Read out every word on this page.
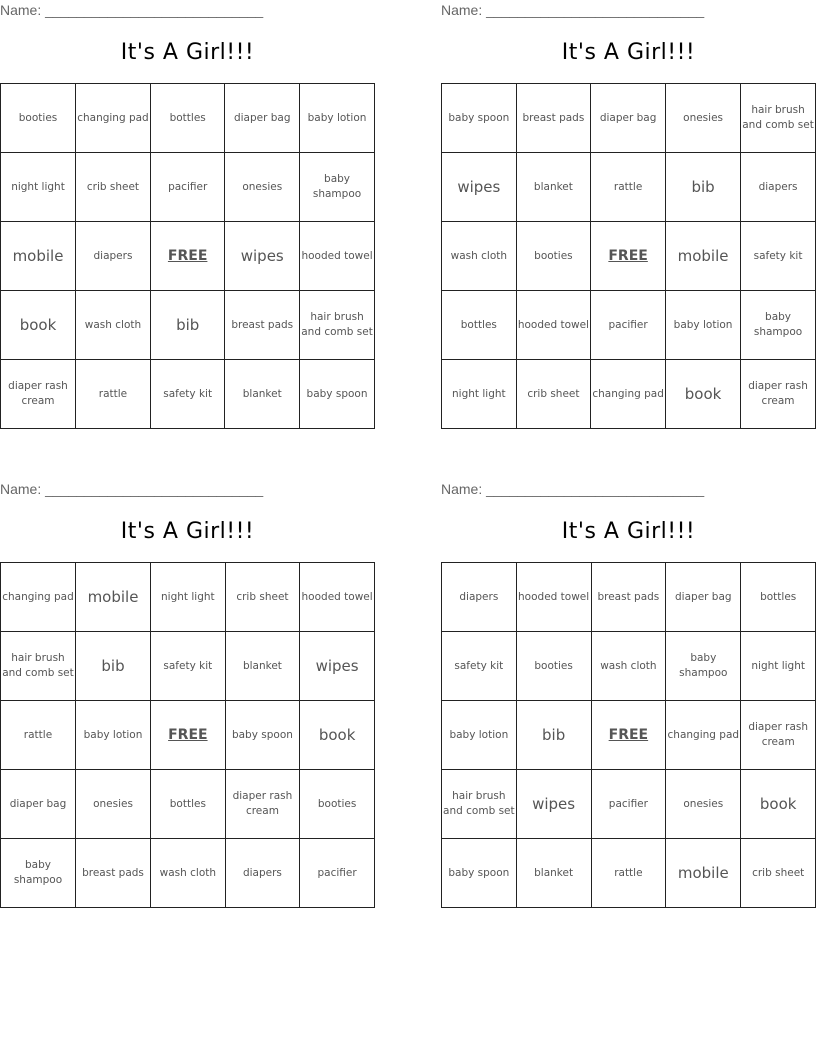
Name: ____________________________
It's A Girl!!!
booties	changing pad	bottles	diaper bag	baby lotion
night light	crib sheet	pacifier	onesies	baby shampoo
mobile	diapers	FREE	wipes	hooded towel
book	wash cloth	bib	breast pads	hair brush and comb set
diaper rash cream	rattle	safety kit	blanket	baby spoon
Name: ____________________________
It's A Girl!!!
baby spoon	breast pads	diaper bag	onesies	hair brush and comb set
wipes	blanket	rattle	bib	diapers
wash cloth	booties	FREE	mobile	safety kit
bottles	hooded towel	pacifier	baby lotion	baby shampoo
night light	crib sheet	changing pad	book	diaper rash cream
Name: ____________________________
It's A Girl!!!
changing pad	mobile	night light	crib sheet	hooded towel
hair brush and comb set	bib	safety kit	blanket	wipes
rattle	baby lotion	FREE	baby spoon	book
diaper bag	onesies	bottles	diaper rash cream	booties
baby shampoo	breast pads	wash cloth	diapers	pacifier
Name: ____________________________
It's A Girl!!!
diapers	hooded towel	breast pads	diaper bag	bottles
safety kit	booties	wash cloth	baby shampoo	night light
baby lotion	bib	FREE	changing pad	diaper rash cream
hair brush and comb set	wipes	pacifier	onesies	book
baby spoon	blanket	rattle	mobile	crib sheet
